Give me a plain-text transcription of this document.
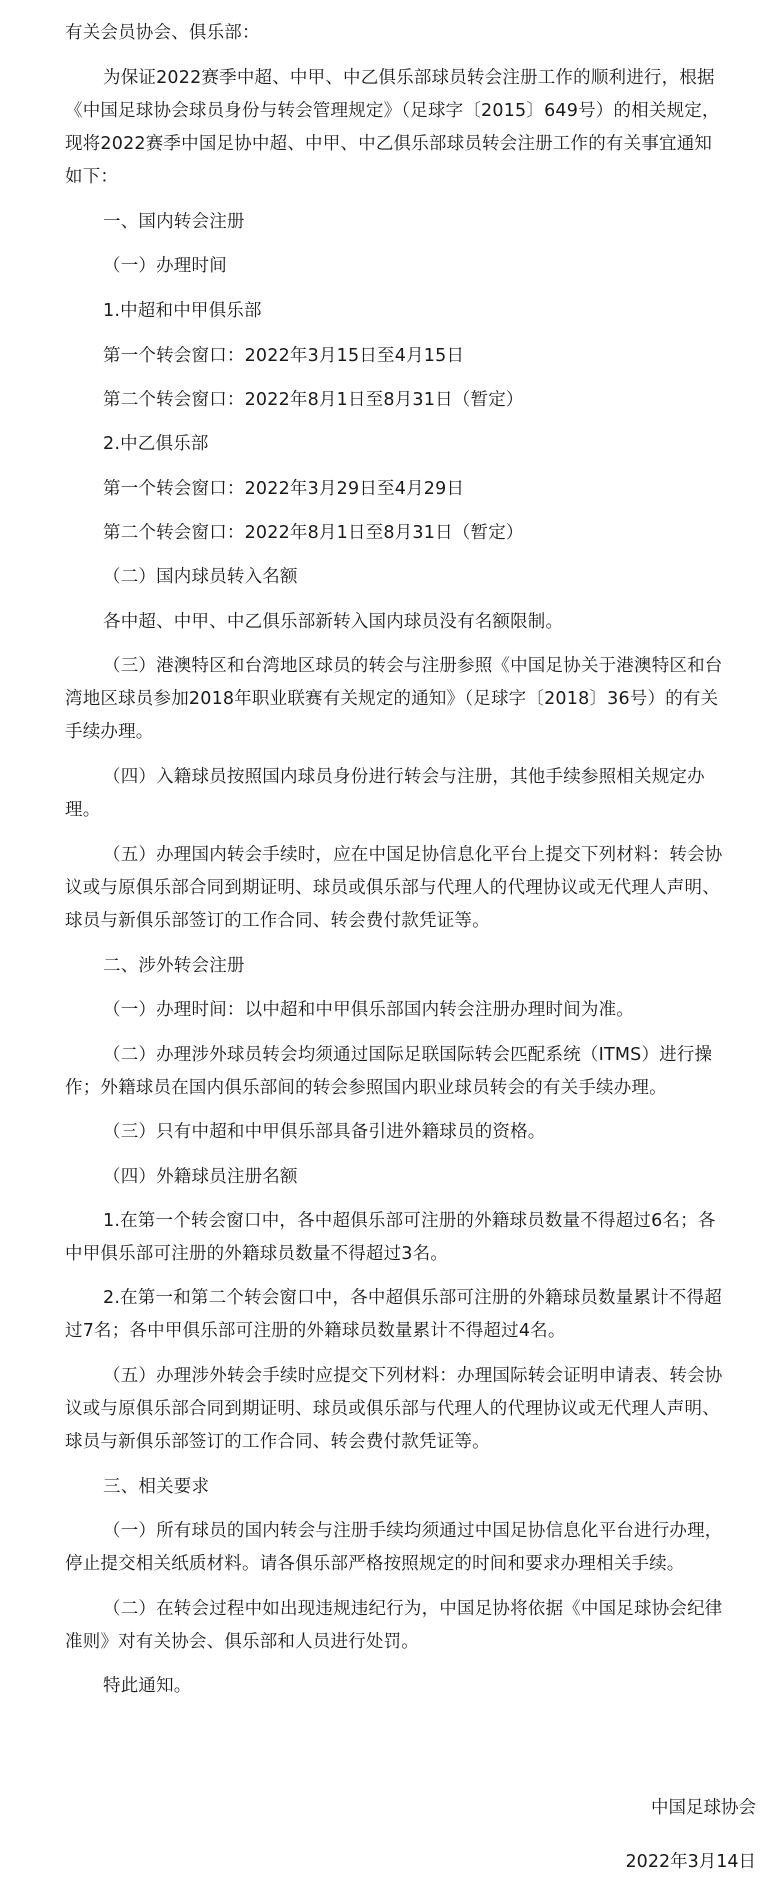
有关会员协会、俱乐部：
为保证2022赛季中超、中甲、中乙俱乐部球员转会注册工作的顺利进行，根据
《中国足球协会球员身份与转会管理规定》（足球字〔2015〕649号）的相关规定，
现将2022赛季中国足协中超、中甲、中乙俱乐部球员转会注册工作的有关事宜通知
如下：
一、国内转会注册
（一）办理时间
1.中超和中甲俱乐部
第一个转会窗口：2022年3月15日至4月15日
第二个转会窗口：2022年8月1日至8月31日（暂定）
2.中乙俱乐部
第一个转会窗口：2022年3月29日至4月29日
第二个转会窗口：2022年8月1日至8月31日（暂定）
（二）国内球员转入名额
各中超、中甲、中乙俱乐部新转入国内球员没有名额限制。
（三）港澳特区和台湾地区球员的转会与注册参照《中国足协关于港澳特区和台
湾地区球员参加2018年职业联赛有关规定的通知》（足球字〔2018〕36号）的有关
手续办理。
（四）入籍球员按照国内球员身份进行转会与注册，其他手续参照相关规定办
理。
（五）办理国内转会手续时，应在中国足协信息化平台上提交下列材料：转会协
议或与原俱乐部合同到期证明、球员或俱乐部与代理人的代理协议或无代理人声明、
球员与新俱乐部签订的工作合同、转会费付款凭证等。
二、涉外转会注册
（一）办理时间：以中超和中甲俱乐部国内转会注册办理时间为准。
（二）办理涉外球员转会均须通过国际足联国际转会匹配系统（ITMS）进行操
作；外籍球员在国内俱乐部间的转会参照国内职业球员转会的有关手续办理。
（三）只有中超和中甲俱乐部具备引进外籍球员的资格。
（四）外籍球员注册名额
1.在第一个转会窗口中，各中超俱乐部可注册的外籍球员数量不得超过6名；各
中甲俱乐部可注册的外籍球员数量不得超过3名。
2.在第一和第二个转会窗口中，各中超俱乐部可注册的外籍球员数量累计不得超
过7名；各中甲俱乐部可注册的外籍球员数量累计不得超过4名。
（五）办理涉外转会手续时应提交下列材料：办理国际转会证明申请表、转会协
议或与原俱乐部合同到期证明、球员或俱乐部与代理人的代理协议或无代理人声明、
球员与新俱乐部签订的工作合同、转会费付款凭证等。
三、相关要求
（一）所有球员的国内转会与注册手续均须通过中国足协信息化平台进行办理，
停止提交相关纸质材料。请各俱乐部严格按照规定的时间和要求办理相关手续。
（二）在转会过程中如出现违规违纪行为，中国足协将依据《中国足球协会纪律
准则》对有关协会、俱乐部和人员进行处罚。
特此通知。
中国足球协会
2022年3月14日
